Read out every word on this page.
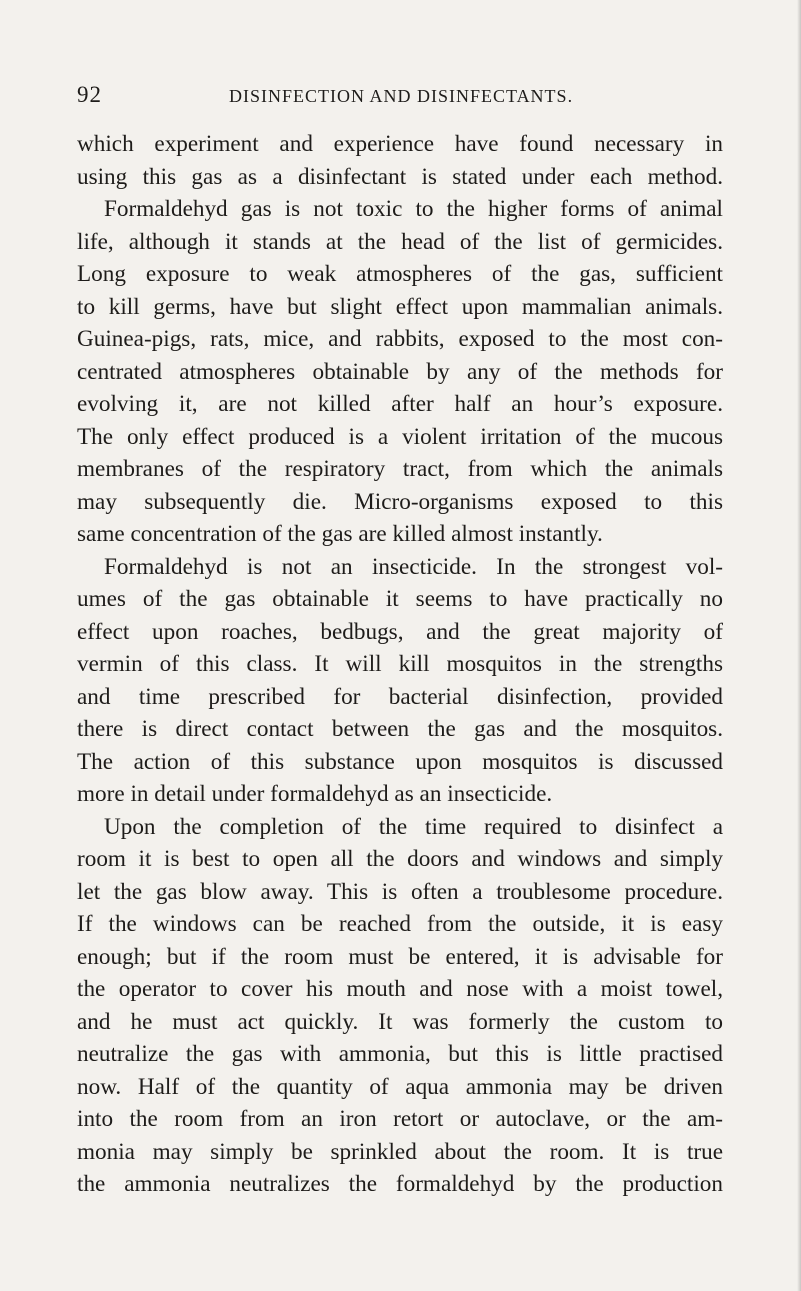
92	DISINFECTION AND DISINFECTANTS.
which experiment and experience have found necessary in
using this gas as a disinfectant is stated under each method.
Formaldehyd gas is not toxic to the higher forms of animal
life, although it stands at the head of the list of germicides.
Long exposure to weak atmospheres of the gas, sufficient
to kill germs, have but slight effect upon mammalian animals.
Guinea-pigs, rats, mice, and rabbits, exposed to the most con-
centrated atmospheres obtainable by any of the methods for
evolving it, are not killed after half an hour’s exposure.
The only effect produced is a violent irritation of the mucous
membranes of the respiratory tract, from which the animals
may subsequently die. Micro-organisms exposed to this
same concentration of the gas are killed almost instantly.
Formaldehyd is not an insecticide. In the strongest vol-
umes of the gas obtainable it seems to have practically no
effect upon roaches, bedbugs, and the great majority of
vermin of this class. It will kill mosquitos in the strengths
and time prescribed for bacterial disinfection, provided
there is direct contact between the gas and the mosquitos.
The action of this substance upon mosquitos is discussed
more in detail under formaldehyd as an insecticide.
Upon the completion of the time required to disinfect a
room it is best to open all the doors and windows and simply
let the gas blow away. This is often a troublesome procedure.
If the windows can be reached from the outside, it is easy
enough; but if the room must be entered, it is advisable for
the operator to cover his mouth and nose with a moist towel,
and he must act quickly. It was formerly the custom to
neutralize the gas with ammonia, but this is little practised
now. Half of the quantity of aqua ammonia may be driven
into the room from an iron retort or autoclave, or the am-
monia may simply be sprinkled about the room. It is true
the ammonia neutralizes the formaldehyd by the production
